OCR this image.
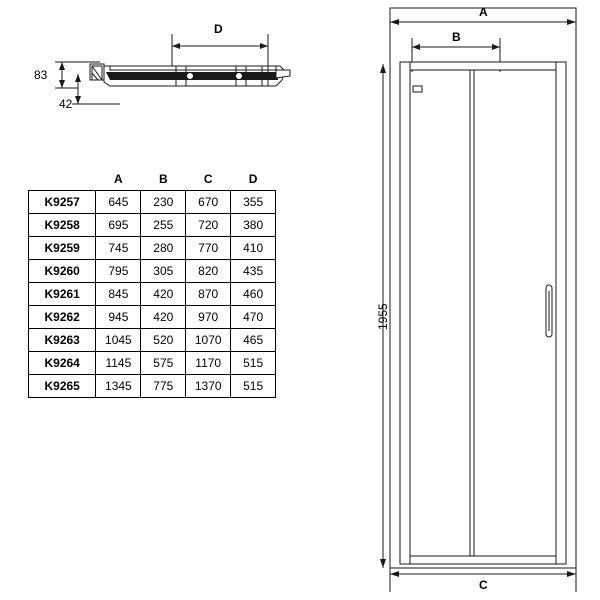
D
83
42
A
B
C
1955
	A	B	C	D
K9257	645	230	670	355
K9258	695	255	720	380
K9259	745	280	770	410
K9260	795	305	820	435
K9261	845	420	870	460
K9262	945	420	970	470
K9263	1045	520	1070	465
K9264	1145	575	1170	515
K9265	1345	775	1370	515
